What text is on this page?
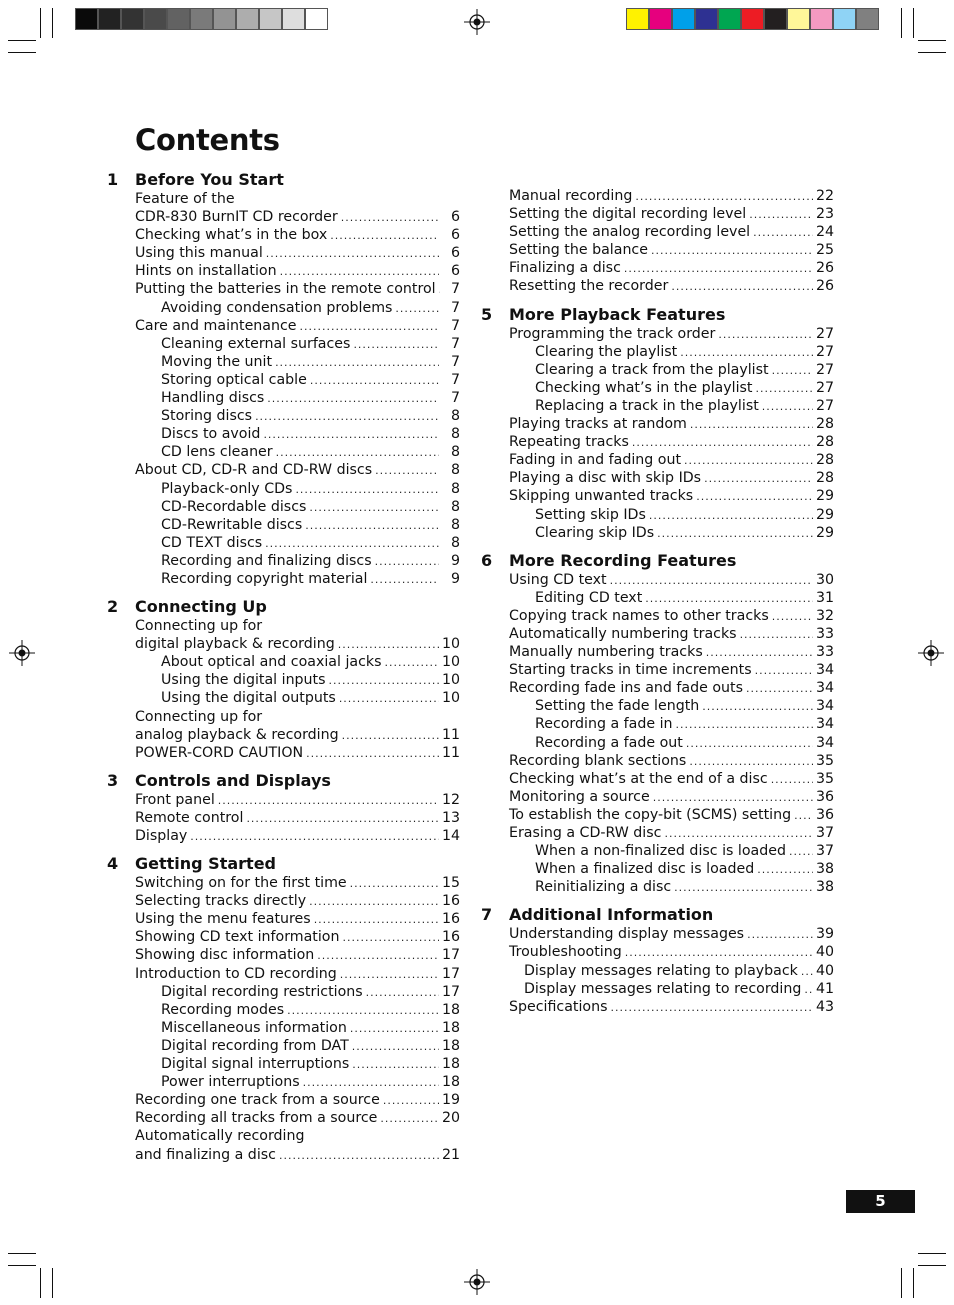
Contents
1 Before You Start
Feature of the
CDR-830 BurnIT CD recorder .....	6
Checking what’s in the box .....	6
Using this manual .....	6
Hints on installation .....	6
Putting the batteries in the remote control .....	7
Avoiding condensation problems .....	7
Care and maintenance .....	7
Cleaning external surfaces .....	7
Moving the unit .....	7
Storing optical cable .....	7
Handling discs .....	7
Storing discs .....	8
Discs to avoid .....	8
CD lens cleaner .....	8
About CD, CD-R and CD-RW discs .....	8
Playback-only CDs .....	8
CD-Recordable discs .....	8
CD-Rewritable discs .....	8
CD TEXT discs .....	8
Recording and finalizing discs .....	9
Recording copyright material .....	9
2 Connecting Up
Connecting up for
digital playback & recording .....	10
About optical and coaxial jacks .....	10
Using the digital inputs .....	10
Using the digital outputs .....	10
Connecting up for
analog playback & recording .....	11
POWER-CORD CAUTION .....	11
3 Controls and Displays
Front panel .....	12
Remote control .....	13
Display .....	14
4 Getting Started
Switching on for the first time .....	15
Selecting tracks directly .....	16
Using the menu features .....	16
Showing CD text information .....	16
Showing disc information .....	17
Introduction to CD recording .....	17
Digital recording restrictions .....	17
Recording modes .....	18
Miscellaneous information .....	18
Digital recording from DAT .....	18
Digital signal interruptions .....	18
Power interruptions .....	18
Recording one track from a source .....	19
Recording all tracks from a source .....	20
Automatically recording
and finalizing a disc .....	21
Manual recording .....	22
Setting the digital recording level .....	23
Setting the analog recording level .....	24
Setting the balance .....	25
Finalizing a disc .....	26
Resetting the recorder .....	26
5 More Playback Features
Programming the track order .....	27
Clearing the playlist .....	27
Clearing a track from the playlist .....	27
Checking what’s in the playlist .....	27
Replacing a track in the playlist .....	27
Playing tracks at random .....	28
Repeating tracks .....	28
Fading in and fading out .....	28
Playing a disc with skip IDs .....	28
Skipping unwanted tracks .....	29
Setting skip IDs .....	29
Clearing skip IDs .....	29
6 More Recording Features
Using CD text .....	30
Editing CD text .....	31
Copying track names to other tracks .....	32
Automatically numbering tracks .....	33
Manually numbering tracks .....	33
Starting tracks in time increments .....	34
Recording fade ins and fade outs .....	34
Setting the fade length .....	34
Recording a fade in .....	34
Recording a fade out .....	34
Recording blank sections .....	35
Checking what’s at the end of a disc .....	35
Monitoring a source .....	36
To establish the copy-bit (SCMS) setting ..... 36
Erasing a CD-RW disc .....	37
When a non-finalized disc is loaded ..... 37
When a finalized disc is loaded .....	38
Reinitializing a disc .....	38
7 Additional Information
Understanding display messages .....	39
Troubleshooting .....	40
Display messages relating to playback ..... 40
Display messages relating to recording ..... 41
Specifications .....	43
5
